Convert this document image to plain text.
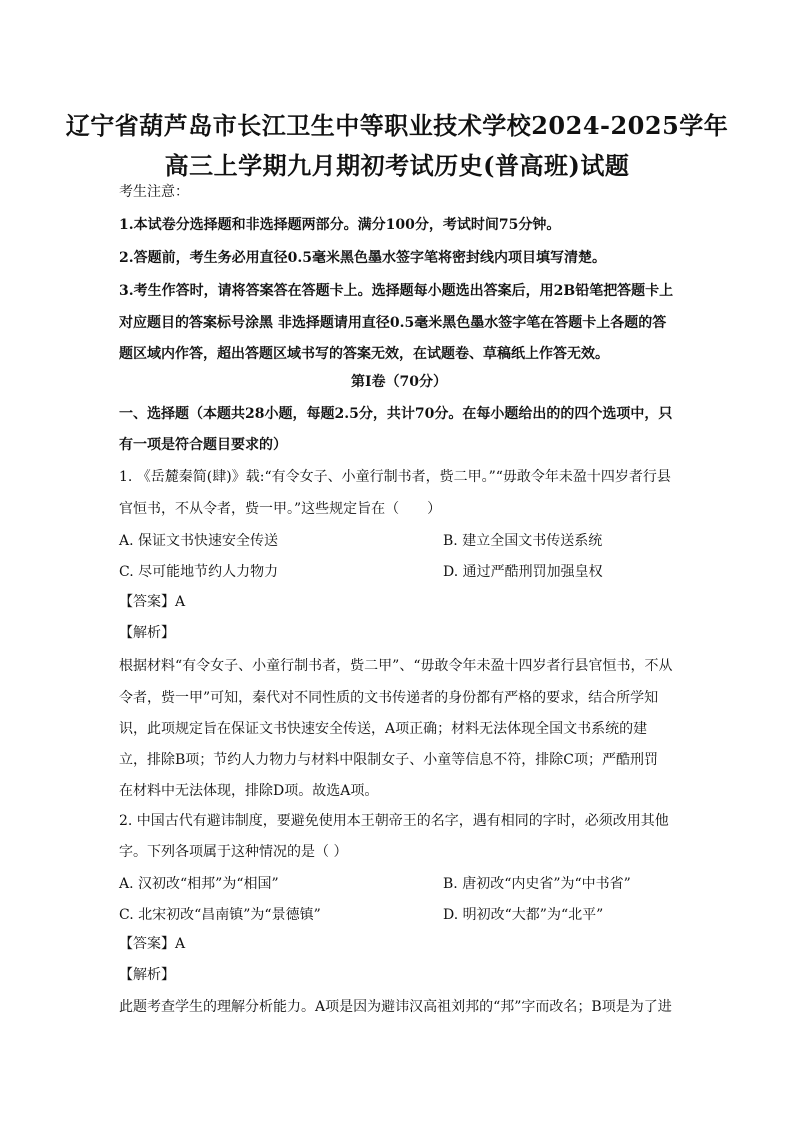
辽宁省葫芦岛市长江卫生中等职业技术学校2024-2025学年
高三上学期九月期初考试历史(普高班)试题
考生注意：
1.本试卷分选择题和非选择题两部分。满分100分，考试时间75分钟。
2.答题前，考生务必用直径0.5毫米黑色墨水签字笔将密封线内项目填写清楚。
3.考生作答时，请将答案答在答题卡上。选择题每小题选出答案后，用2B铅笔把答题卡上
对应题目的答案标号涂黑 非选择题请用直径0.5毫米黑色墨水签字笔在答题卡上各题的答
题区域内作答，超出答题区域书写的答案无效，在试题卷、草稿纸上作答无效。
第Ⅰ卷（70分）
一、选择题（本题共28小题，每题2.5分，共计70分。在每小题给出的的四个选项中，只
有一项是符合题目要求的）
1. 《岳麓秦简(肆)》载:“有令女子、小童行制书者，赀二甲。”“毋敢令年未盈十四岁者行县
官恒书，不从令者，赀一甲。”这些规定旨在（　　）
A. 保证文书快速安全传送	B. 建立全国文书传送系统
C. 尽可能地节约人力物力	D. 通过严酷刑罚加强皇权
【答案】A
【解析】
根据材料“有令女子、小童行制书者，赀二甲”、“毋敢令年未盈十四岁者行县官恒书，不从
令者，赀一甲”可知，秦代对不同性质的文书传递者的身份都有严格的要求，结合所学知
识，此项规定旨在保证文书快速安全传送，A项正确；材料无法体现全国文书系统的建
立，排除B项；节约人力物力与材料中限制女子、小童等信息不符，排除C项；严酷刑罚
在材料中无法体现，排除D项。故选A项。
2. 中国古代有避讳制度，要避免使用本王朝帝王的名字，遇有相同的字时，必须改用其他
字。下列各项属于这种情况的是（ ）
A. 汉初改“相邦”为“相国”	B. 唐初改“内史省”为“中书省”
C. 北宋初改“昌南镇”为“景德镇”	D. 明初改“大都”为“北平”
【答案】A
【解析】
此题考查学生的理解分析能力。A项是因为避讳汉高祖刘邦的“邦”字而改名；B项是为了进
